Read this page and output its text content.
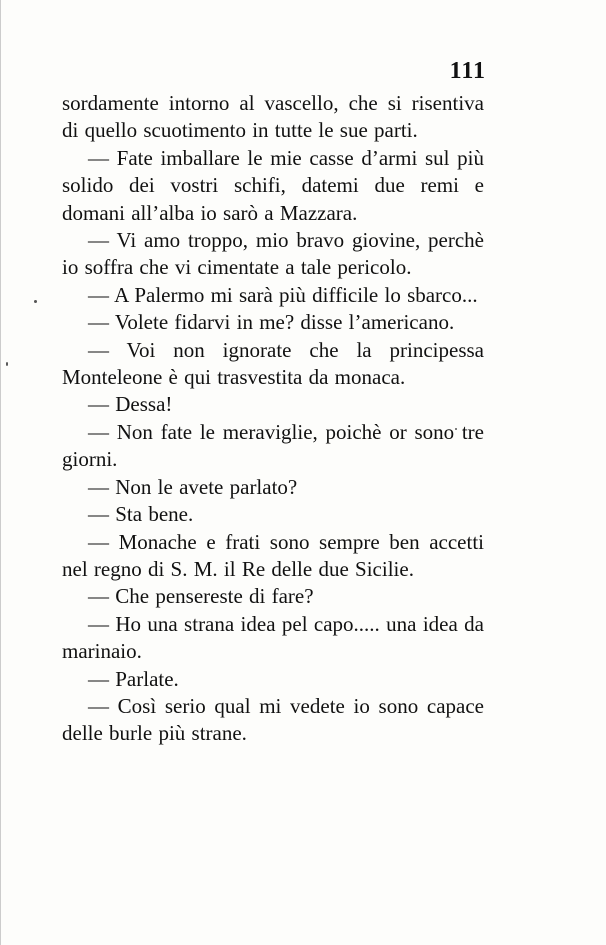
111

sordamente intorno al vascello, che si risentiva di quello scuotimento in tutte le sue parti.

— Fate imballare le mie casse d’armi sul più solido dei vostri schifi, datemi due remi e domani all’alba io sarò a Mazzara.

— Vi amo troppo, mio bravo giovine, perchè io soffra che vi cimentate a tale pericolo.

— A Palermo mi sarà più difficile lo sbarco...

— Volete fidarvi in me? disse l’americano.

— Voi non ignorate che la principessa Monteleone è qui trasvestita da monaca.

— Dessa!

— Non fate le meraviglie, poichè or sono tre giorni.

— Non le avete parlato?

— Sta bene.

— Monache e frati sono sempre ben accetti nel regno di S. M. il Re delle due Sicilie.

— Che pensereste di fare?

— Ho una strana idea pel capo..... una idea da marinaio.

— Parlate.

— Così serio qual mi vedete io sono capace delle burle più strane.
